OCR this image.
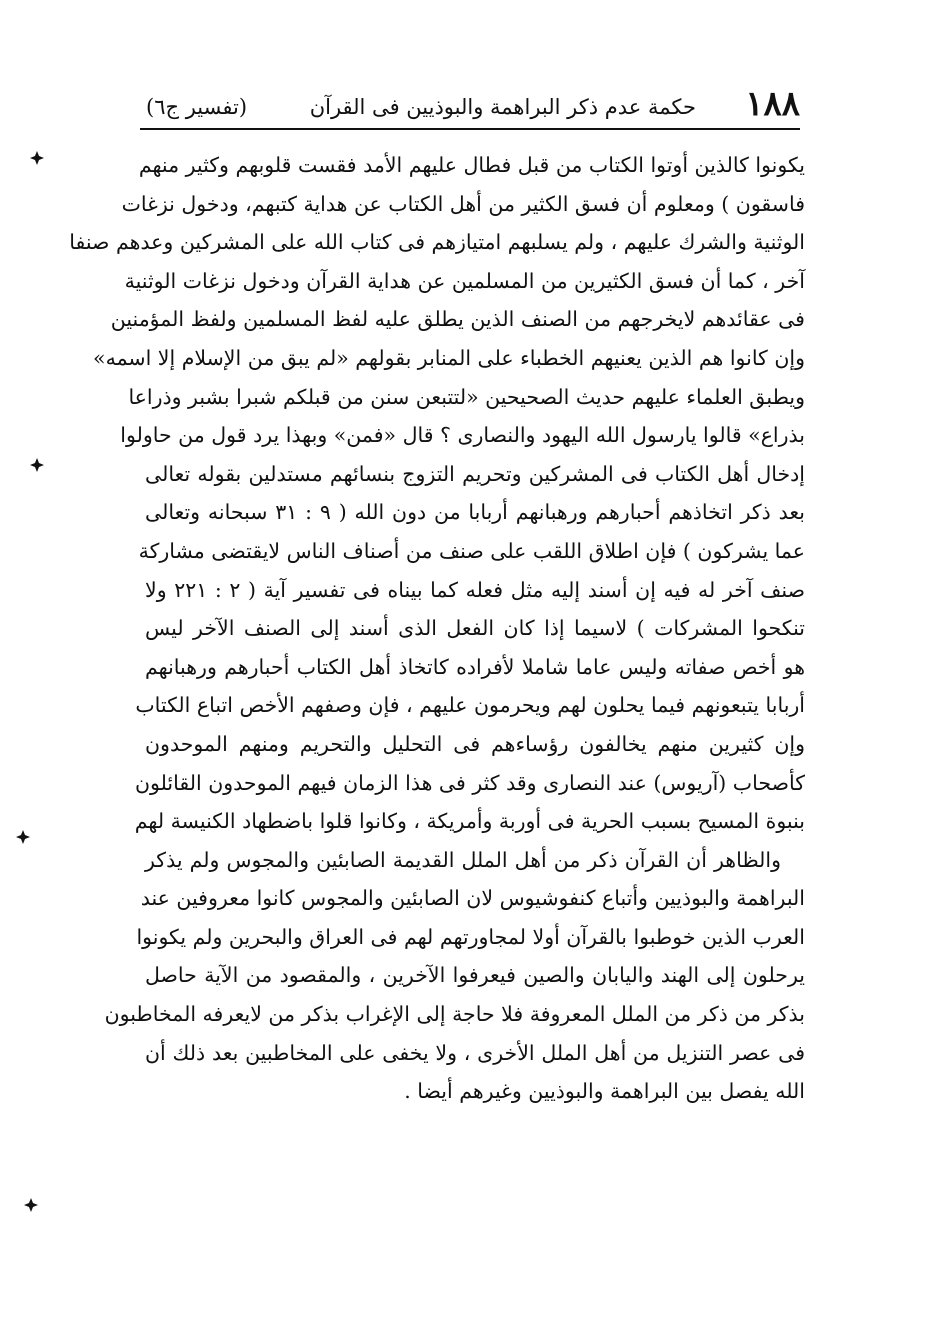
١٨٨
حكمة عدم ذكر البراهمة والبوذيين فى القرآن
(تفسير ج٦)
يكونوا كالذين أوتوا الكتاب من قبل فطال عليهم الأمد فقست قلوبهم وكثير منهم
فاسقون ) ومعلوم أن فسق الكثير من أهل الكتاب عن هداية كتبهم، ودخول نزغات
الوثنية والشرك عليهم ، ولم يسلبهم امتيازهم فى كتاب الله على المشركين وعدهم صنفا
آخر ، كما أن فسق الكثيرين من المسلمين عن هداية القرآن ودخول نزغات الوثنية
فى عقائدهم لايخرجهم من الصنف الذين يطلق عليه لفظ المسلمين ولفظ المؤمنين
وإن كانوا هم الذين يعنيهم الخطباء على المنابر بقولهم «لم يبق من الإسلام إلا اسمه»
ويطبق العلماء عليهم حديث الصحيحين «لتتبعن سنن من قبلكم شبرا بشبر وذراعا
بذراع» قالوا يارسول الله اليهود والنصارى ؟ قال «فمن» وبهذا يرد قول من حاولوا
إدخال أهل الكتاب فى المشركين وتحريم التزوج بنسائهم مستدلين بقوله تعالى
بعد ذكر اتخاذهم أحبارهم ورهبانهم أربابا من دون الله ( ٩ : ٣١ سبحانه وتعالى
عما يشركون ) فإن اطلاق اللقب على صنف من أصناف الناس لايقتضى مشاركة
صنف آخر له فيه إن أسند إليه مثل فعله كما بيناه فى تفسير آية ( ٢ : ٢٢١ ولا
تنكحوا المشركات ) لاسيما إذا كان الفعل الذى أسند إلى الصنف الآخر ليس
هو أخص صفاته وليس عاما شاملا لأفراده كاتخاذ أهل الكتاب أحبارهم ورهبانهم
أربابا يتبعونهم فيما يحلون لهم ويحرمون عليهم ، فإن وصفهم الأخص اتباع الكتاب
وإن كثيرين منهم يخالفون رؤساءهم فى التحليل والتحريم ومنهم الموحدون
كأصحاب (آريوس) عند النصارى وقد كثر فى هذا الزمان فيهم الموحدون القائلون
بنبوة المسيح بسبب الحرية فى أوربة وأمريكة ، وكانوا قلوا باضطهاد الكنيسة لهم
والظاهر أن القرآن ذكر من أهل الملل القديمة الصابئين والمجوس ولم يذكر
البراهمة والبوذيين وأتباع كنفوشيوس لان الصابئين والمجوس كانوا معروفين عند
العرب الذين خوطبوا بالقرآن أولا لمجاورتهم لهم فى العراق والبحرين ولم يكونوا
يرحلون إلى الهند واليابان والصين فيعرفوا الآخرين ، والمقصود من الآية حاصل
بذكر من ذكر من الملل المعروفة فلا حاجة إلى الإغراب بذكر من لايعرفه المخاطبون
فى عصر التنزيل من أهل الملل الأخرى ، ولا يخفى على المخاطبين بعد ذلك أن
الله يفصل بين البراهمة والبوذيين وغيرهم أيضا .
